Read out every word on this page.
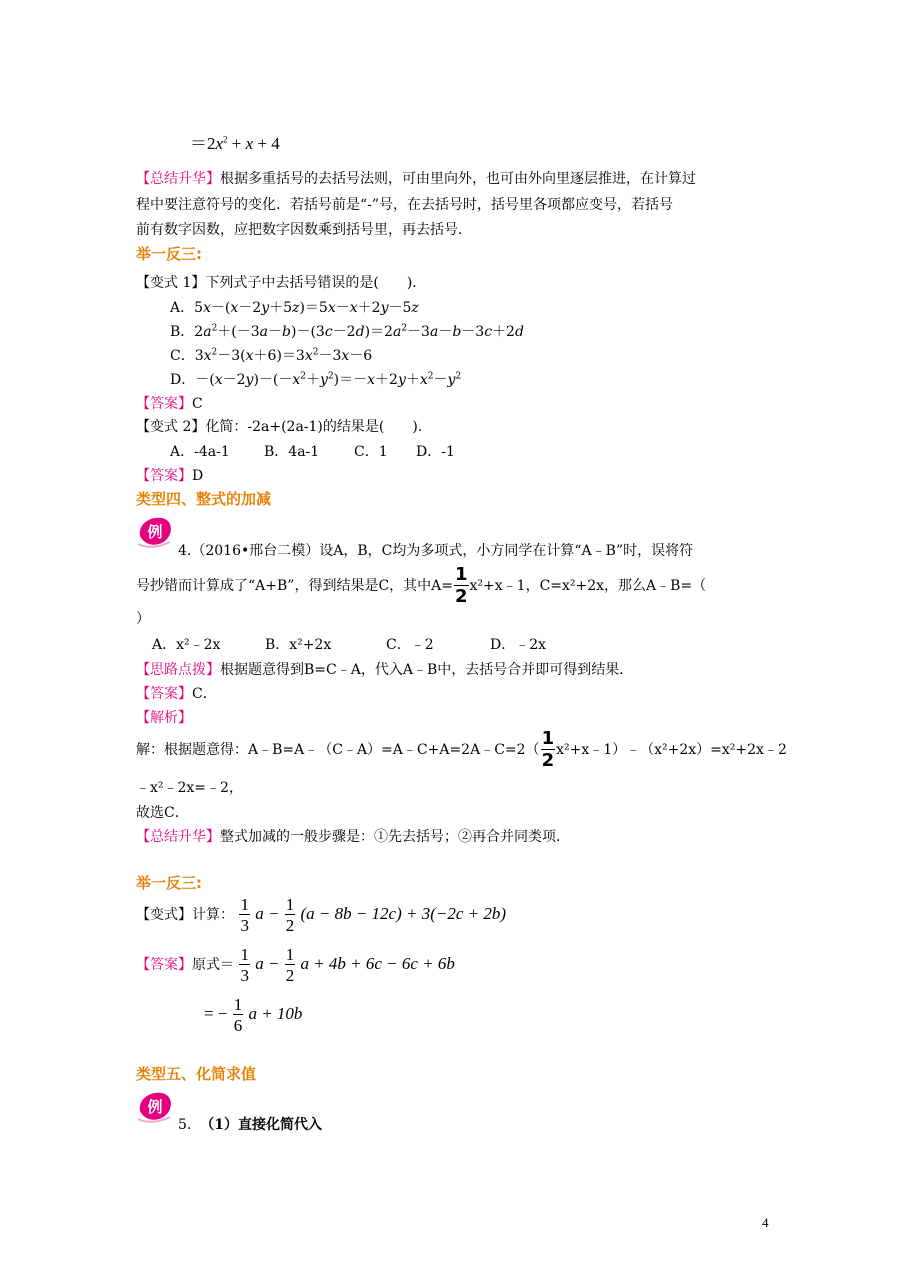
$=2x^2 + x + 4$
【总结升华】根据多重括号的去括号法则，可由里向外，也可由外向里逐层推进，在计算过
程中要注意符号的变化．若括号前是“-”号，在去括号时，括号里各项都应变号，若括号
前有数字因数，应把数字因数乘到括号里，再去括号．
举一反三:
【变式 1】下列式子中去括号错误的是(　　)．
A．5x－(x－2y＋5z)＝5x－x＋2y－5z
B．$2a^2+(-3a-b)-(3c-2d)=2a^2-3a-b-3c+2d$
C．$3x^2-3(x+6)=3x^2-3x-6$
D．$-(x-2y)-(-x^2+y^2)=-x+2y+x^2-y^2$
【答案】C
【变式 2】化简：-2a+(2a-1)的结果是(　　)．
A．-4a-1 B．4a-1 C．1 D．-1
【答案】D
类型四、整式的加减
例
4.（2016•邢台二模）设A，B，C均为多项式，小方同学在计算“A﹣B”时，误将符
号抄错而计算成了“A+B”，得到结果是C，其中$A= \frac{1}{2}$ x²+x﹣1，C=x²+2x，那么A﹣B=（
）
A．x²﹣2x	B．x²+2x	C．﹣2	D．﹣2x
【思路点拨】根据题意得到B=C﹣A，代入A﹣B中，去括号合并即可得到结果．
【答案】C．
【解析】
解：根据题意得：A﹣B=A﹣（C﹣A）=A﹣C+A=2A﹣C=2（ $\frac{1}{2}$ x²+x﹣1）﹣（x²+2x）=x²+2x﹣2
﹣x²﹣2x=﹣2，
故选C．
【总结升华】整式加减的一般步骤是：①先去括号；②再合并同类项．
举一反三:
【变式】计算： $\frac{1}{3}$ $a - \frac{1}{2} (a - 8b - 12c) + 3(-2c + 2b)$
【答案】原式＝ $\frac{1}{3}$ $a - \frac{1}{2}$ a + 4b + 6c − 6c + 6b
= − $\frac{1}{6}$ a + 10b
类型五、化简求值
例
5. （1）直接化简代入
4
